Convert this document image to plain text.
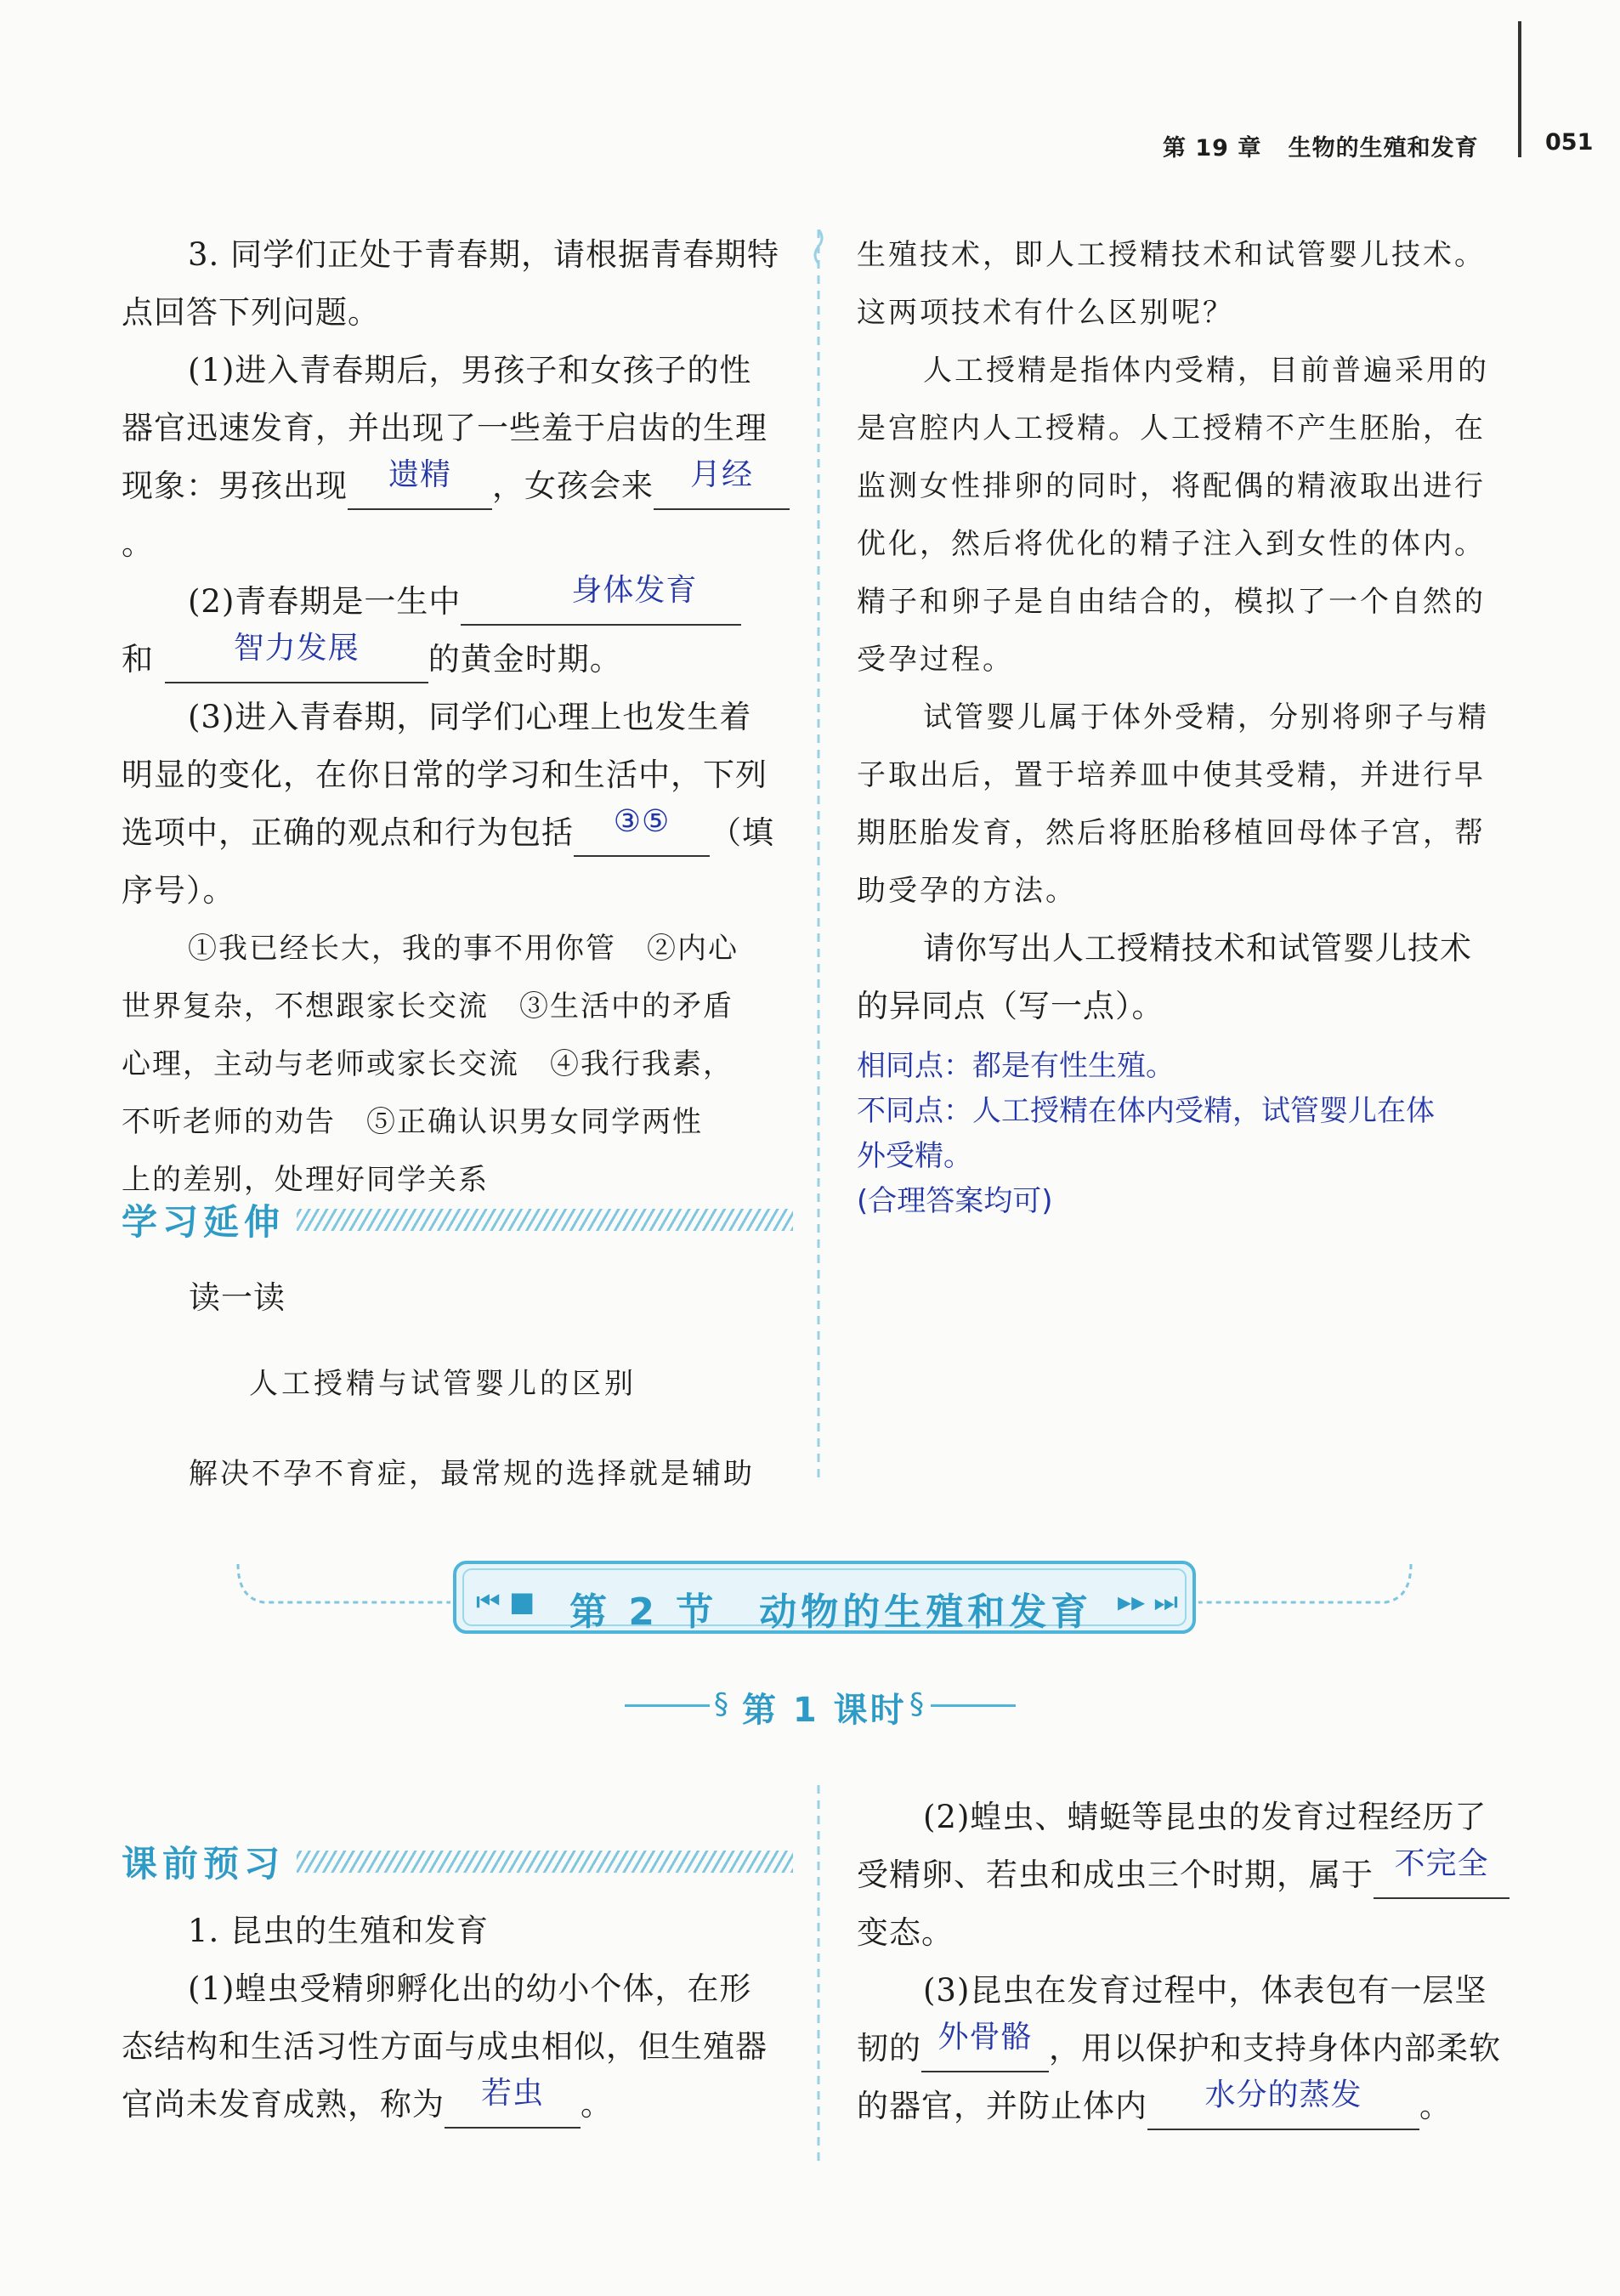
第 19 章 生物的生殖和发育	051
3. 同学们正处于青春期，请根据青春期特
点回答下列问题。
(1)进入青春期后，男孩子和女孩子的性
器官迅速发育，并出现了一些羞于启齿的生理
现象：男孩出现 遗精 ，女孩会来 月经。
(2)青春期是一生中	身体发育
和	智力发展 的黄金时期。
(3)进入青春期，同学们心理上也发生着
明显的变化，在你日常的学习和生活中，下列
选项中，正确的观点和行为包括 ③⑤ （填
序号）。
①我已经长大，我的事不用你管　②内心
世界复杂，不想跟家长交流　③生活中的矛盾
心理，主动与老师或家长交流　④我行我素，
不听老师的劝告　⑤正确认识男女同学两性
上的差别，处理好同学关系
学习延伸
读一读
人工授精与试管婴儿的区别
解决不孕不育症，最常规的选择就是辅助
生殖技术，即人工授精技术和试管婴儿技术。
这两项技术有什么区别呢？
人工授精是指体内受精，目前普遍采用的
是宫腔内人工授精。人工授精不产生胚胎，在
监测女性排卵的同时，将配偶的精液取出进行
优化，然后将优化的精子注入到女性的体内。
精子和卵子是自由结合的，模拟了一个自然的
受孕过程。
试管婴儿属于体外受精，分别将卵子与精
子取出后，置于培养皿中使其受精，并进行早
期胚胎发育，然后将胚胎移植回母体子宫，帮
助受孕的方法。
请你写出人工授精技术和试管婴儿技术
的异同点（写一点）。
相同点：都是有性生殖。
不同点：人工授精在体内受精，试管婴儿在体
外受精。
(合理答案均可)
⏮ ■	▸▸ ⏭
第 2 节　动物的生殖和发育
§	§
第 1 课时
课前预习
1. 昆虫的生殖和发育
(1)蝗虫受精卵孵化出的幼小个体，在形
态结构和生活习性方面与成虫相似，但生殖器
官尚未发育成熟，称为 若虫 。
(2)蝗虫、蜻蜓等昆虫的发育过程经历了
受精卵、若虫和成虫三个时期，属于 不完全
变态。
(3)昆虫在发育过程中，体表包有一层坚
韧的 外骨骼 ，用以保护和支持身体内部柔软
的器官，并防止体内 水分的蒸发 。
